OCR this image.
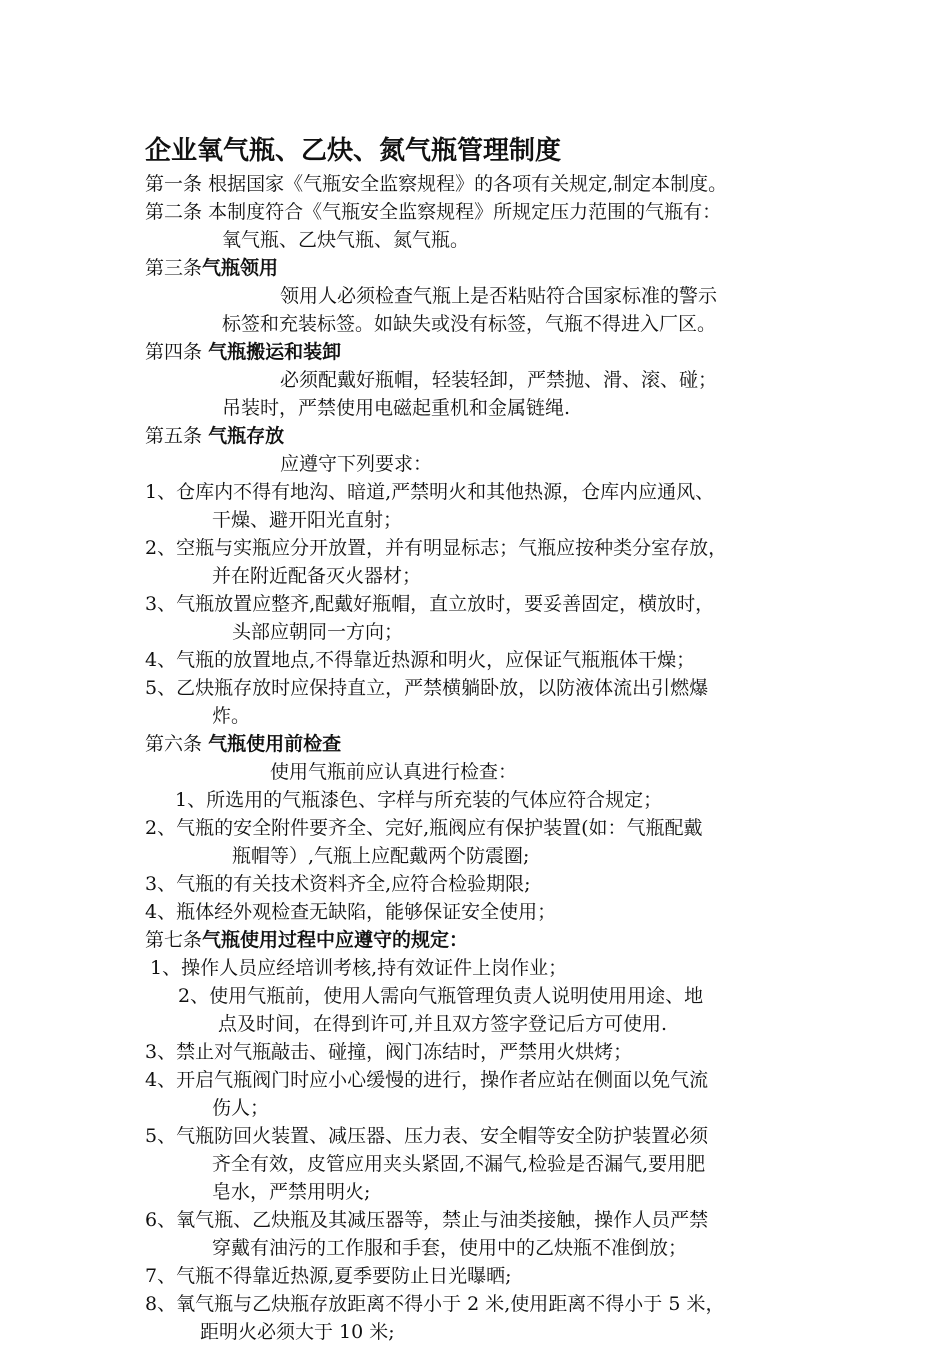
企业氧气瓶、乙炔、氮气瓶管理制度
第一条 根据国家《气瓶安全监察规程》的各项有关规定,制定本制度。
第二条 本制度符合《气瓶安全监察规程》所规定压力范围的气瓶有：
氧气瓶、乙炔气瓶、氮气瓶。
第三条气瓶领用
领用人必须检查气瓶上是否粘贴符合国家标准的警示
标签和充装标签。如缺失或没有标签，气瓶不得进入厂区。
第四条 气瓶搬运和装卸
必须配戴好瓶帽，轻装轻卸，严禁抛、滑、滚、碰；
吊装时，严禁使用电磁起重机和金属链绳.
第五条 气瓶存放
应遵守下列要求：
1、仓库内不得有地沟、暗道,严禁明火和其他热源，仓库内应通风、
干燥、避开阳光直射；
2、空瓶与实瓶应分开放置，并有明显标志；气瓶应按种类分室存放，
并在附近配备灭火器材；
3、气瓶放置应整齐,配戴好瓶帽，直立放时，要妥善固定，横放时，
头部应朝同一方向；
4、气瓶的放置地点,不得靠近热源和明火，应保证气瓶瓶体干燥；
5、乙炔瓶存放时应保持直立，严禁横躺卧放，以防液体流出引燃爆
炸。
第六条 气瓶使用前检查
使用气瓶前应认真进行检查：
1、所选用的气瓶漆色、字样与所充装的气体应符合规定；
2、气瓶的安全附件要齐全、完好,瓶阀应有保护装置(如：气瓶配戴
瓶帽等）,气瓶上应配戴两个防震圈;
3、气瓶的有关技术资料齐全,应符合检验期限;
4、瓶体经外观检查无缺陷，能够保证安全使用；
第七条气瓶使用过程中应遵守的规定：
1、操作人员应经培训考核,持有效证件上岗作业；
2、使用气瓶前，使用人需向气瓶管理负责人说明使用用途、地
点及时间，在得到许可,并且双方签字登记后方可使用.
3、禁止对气瓶敲击、碰撞，阀门冻结时，严禁用火烘烤；
4、开启气瓶阀门时应小心缓慢的进行，操作者应站在侧面以免气流
伤人；
5、气瓶防回火装置、减压器、压力表、安全帽等安全防护装置必须
齐全有效，皮管应用夹头紧固,不漏气,检验是否漏气,要用肥
皂水，严禁用明火;
6、氧气瓶、乙炔瓶及其减压器等，禁止与油类接触，操作人员严禁
穿戴有油污的工作服和手套，使用中的乙炔瓶不准倒放；
7、气瓶不得靠近热源,夏季要防止日光曝晒;
8、氧气瓶与乙炔瓶存放距离不得小于 2 米,使用距离不得小于 5 米，
距明火必须大于 10 米;
